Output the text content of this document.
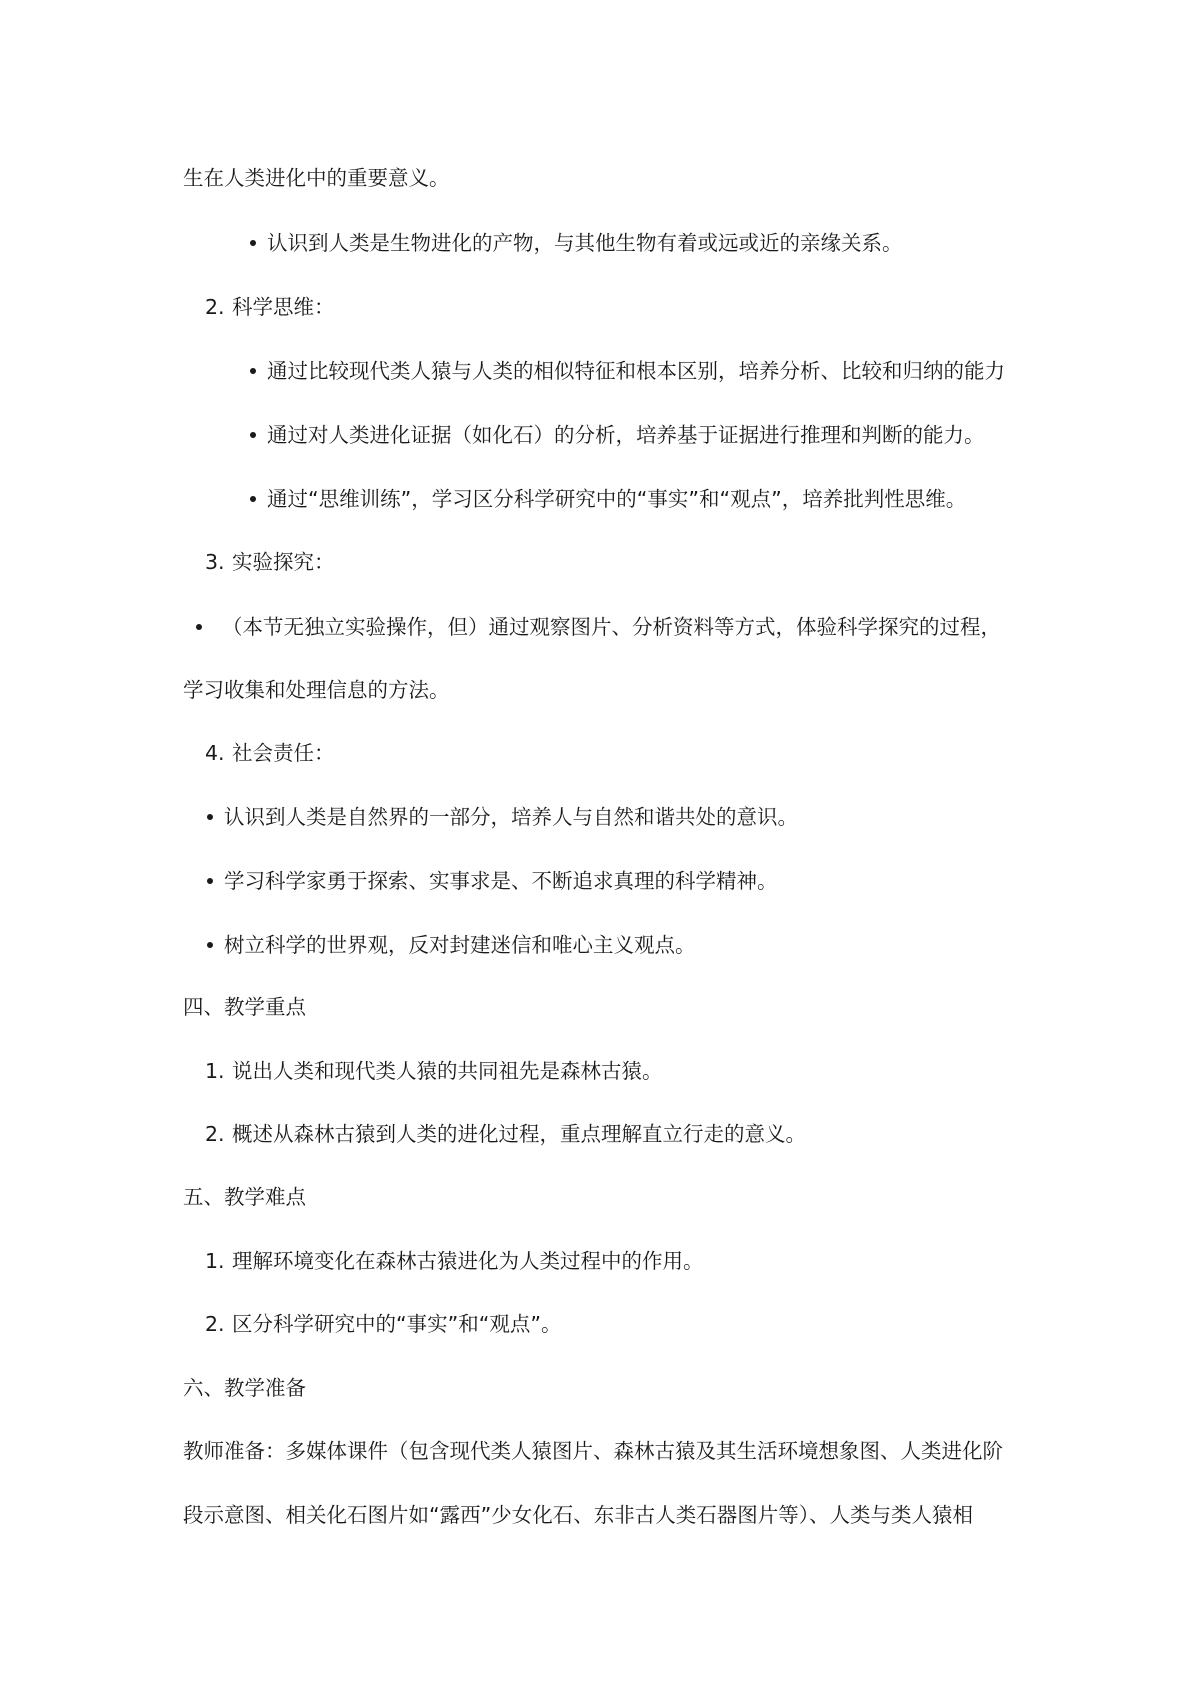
生在人类进化中的重要意义。
认识到人类是生物进化的产物，与其他生物有着或远或近的亲缘关系。
2. 科学思维：
通过比较现代类人猿与人类的相似特征和根本区别，培养分析、比较和归纳的能力
通过对人类进化证据（如化石）的分析，培养基于证据进行推理和判断的能力。
通过“思维训练”，学习区分科学研究中的“事实”和“观点”，培养批判性思维。
3. 实验探究：
（本节无独立实验操作，但）通过观察图片、分析资料等方式，体验科学探究的过程，
学习收集和处理信息的方法。
4. 社会责任：
认识到人类是自然界的一部分，培养人与自然和谐共处的意识。
学习科学家勇于探索、实事求是、不断追求真理的科学精神。
树立科学的世界观，反对封建迷信和唯心主义观点。
四、教学重点
1. 说出人类和现代类人猿的共同祖先是森林古猿。
2. 概述从森林古猿到人类的进化过程，重点理解直立行走的意义。
五、教学难点
1. 理解环境变化在森林古猿进化为人类过程中的作用。
2. 区分科学研究中的“事实”和“观点”。
六、教学准备
教师准备：多媒体课件（包含现代类人猿图片、森林古猿及其生活环境想象图、人类进化阶
段示意图、相关化石图片如“露西”少女化石、东非古人类石器图片等）、人类与类人猿相
